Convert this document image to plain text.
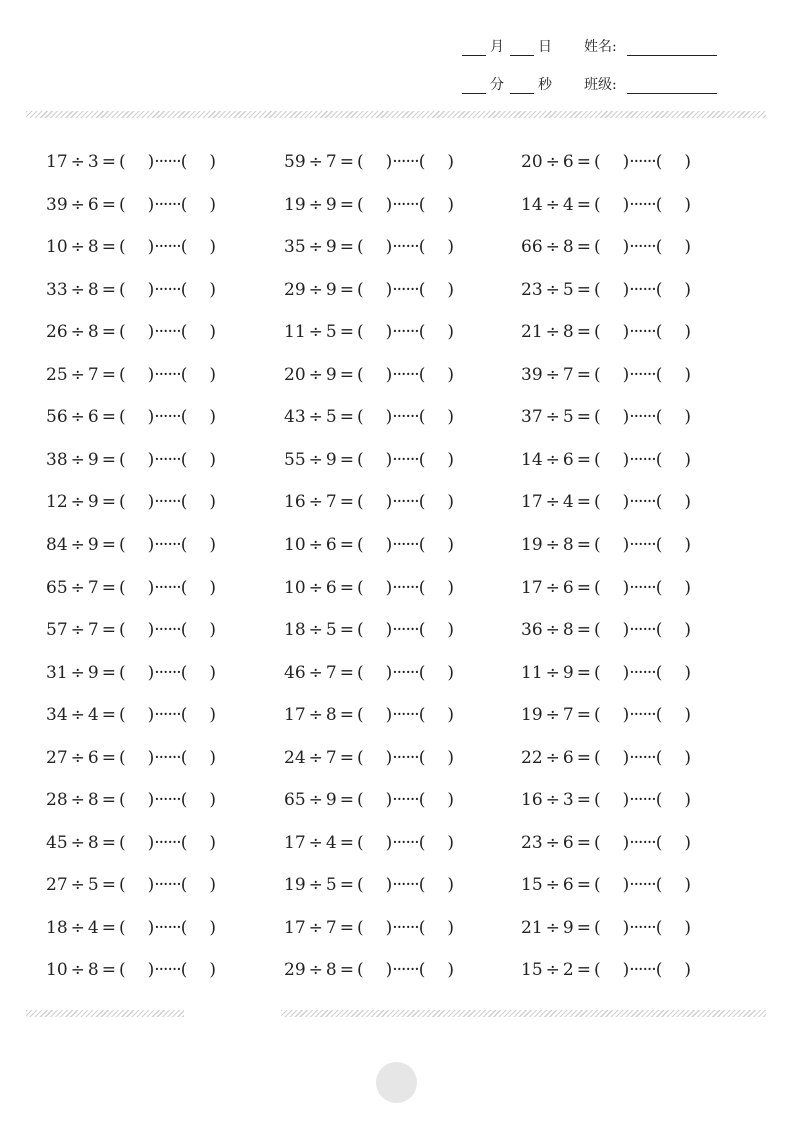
月 日 姓名:
分 秒 班级:
17 ÷ 3 = ( )······( )	59 ÷ 7 = ( )······( )	20 ÷ 6 = ( )······( )
39 ÷ 6 = ( )······( )	19 ÷ 9 = ( )······( )	14 ÷ 4 = ( )······( )
10 ÷ 8 = ( )······( )	35 ÷ 9 = ( )······( )	66 ÷ 8 = ( )······( )
33 ÷ 8 = ( )······( )	29 ÷ 9 = ( )······( )	23 ÷ 5 = ( )······( )
26 ÷ 8 = ( )······( )	11 ÷ 5 = ( )······( )	21 ÷ 8 = ( )······( )
25 ÷ 7 = ( )······( )	20 ÷ 9 = ( )······( )	39 ÷ 7 = ( )······( )
56 ÷ 6 = ( )······( )	43 ÷ 5 = ( )······( )	37 ÷ 5 = ( )······( )
38 ÷ 9 = ( )······( )	55 ÷ 9 = ( )······( )	14 ÷ 6 = ( )······( )
12 ÷ 9 = ( )······( )	16 ÷ 7 = ( )······( )	17 ÷ 4 = ( )······( )
84 ÷ 9 = ( )······( )	10 ÷ 6 = ( )······( )	19 ÷ 8 = ( )······( )
65 ÷ 7 = ( )······( )	10 ÷ 6 = ( )······( )	17 ÷ 6 = ( )······( )
57 ÷ 7 = ( )······( )	18 ÷ 5 = ( )······( )	36 ÷ 8 = ( )······( )
31 ÷ 9 = ( )······( )	46 ÷ 7 = ( )······( )	11 ÷ 9 = ( )······( )
34 ÷ 4 = ( )······( )	17 ÷ 8 = ( )······( )	19 ÷ 7 = ( )······( )
27 ÷ 6 = ( )······( )	24 ÷ 7 = ( )······( )	22 ÷ 6 = ( )······( )
28 ÷ 8 = ( )······( )	65 ÷ 9 = ( )······( )	16 ÷ 3 = ( )······( )
45 ÷ 8 = ( )······( )	17 ÷ 4 = ( )······( )	23 ÷ 6 = ( )······( )
27 ÷ 5 = ( )······( )	19 ÷ 5 = ( )······( )	15 ÷ 6 = ( )······( )
18 ÷ 4 = ( )······( )	17 ÷ 7 = ( )······( )	21 ÷ 9 = ( )······( )
10 ÷ 8 = ( )······( )	29 ÷ 8 = ( )······( )	15 ÷ 2 = ( )······( )
